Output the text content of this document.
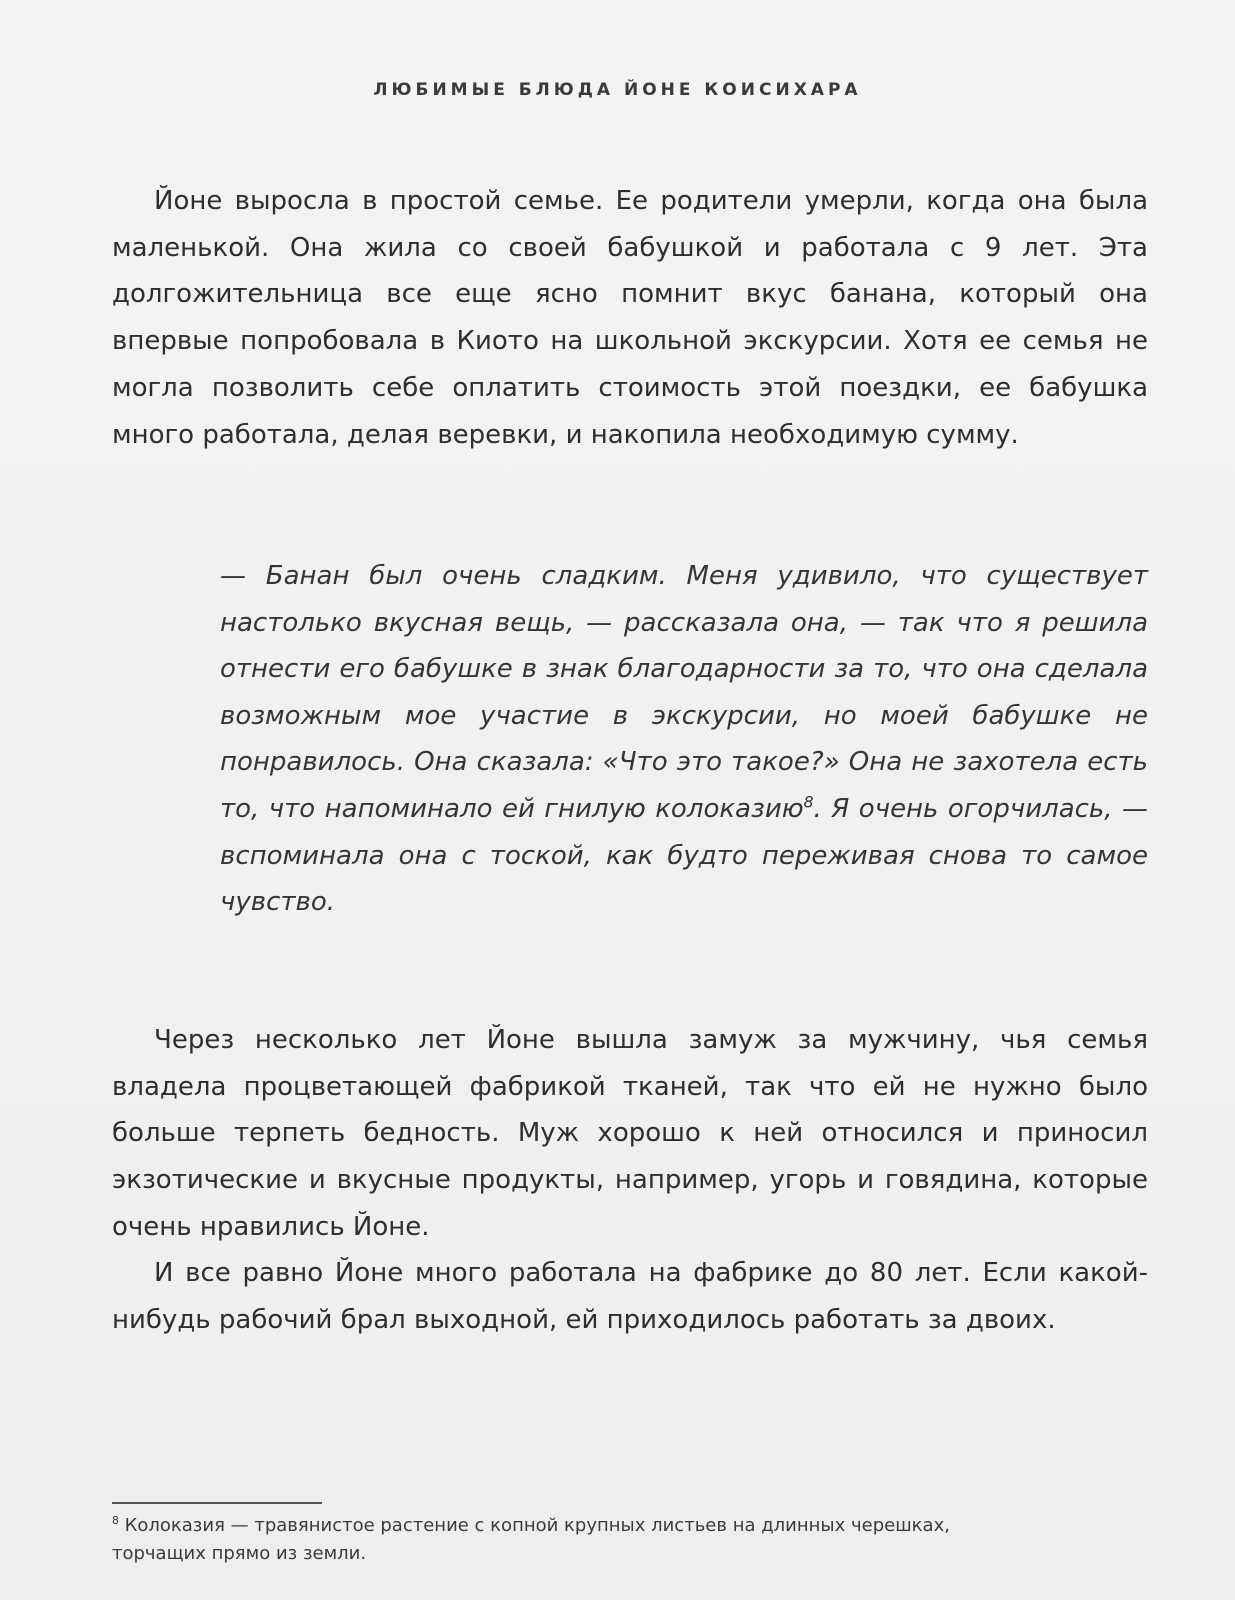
ЛЮБИМЫЕ БЛЮДА ЙОНЕ КОИСИХАРА

Йоне выросла в простой семье. Ее родители умерли, когда она была маленькой. Она жила со своей бабушкой и работала с 9 лет. Эта долгожительница все еще ясно помнит вкус банана, который она впервые попробовала в Киото на школьной экскурсии. Хотя ее семья не могла позволить себе оплатить стоимость этой поездки, ее бабушка много работала, делая веревки, и накопила необходимую сумму.

— Банан был очень сладким. Меня удивило, что существует настолько вкусная вещь, — рассказала она, — так что я решила отнести его бабушке в знак благодарности за то, что она сделала возможным мое участие в экскурсии, но моей бабушке не понравилось. Она сказала: «Что это такое?» Она не захотела есть то, что напоминало ей гнилую колоказию$^8$. Я очень огорчилась, — вспоминала она с тоской, как будто переживая снова то самое чувство.

Через несколько лет Йоне вышла замуж за мужчину, чья семья владела процветающей фабрикой тканей, так что ей не нужно было больше терпеть бедность. Муж хорошо к ней относился и приносил экзотические и вкусные продукты, например, угорь и говядина, которые очень нравились Йоне.

И все равно Йоне много работала на фабрике до 80 лет. Если какой-нибудь рабочий брал выходной, ей приходилось работать за двоих.

$^8$ Колоказия — травянистое растение с копной крупных листьев на длинных черешках, торчащих прямо из земли.
